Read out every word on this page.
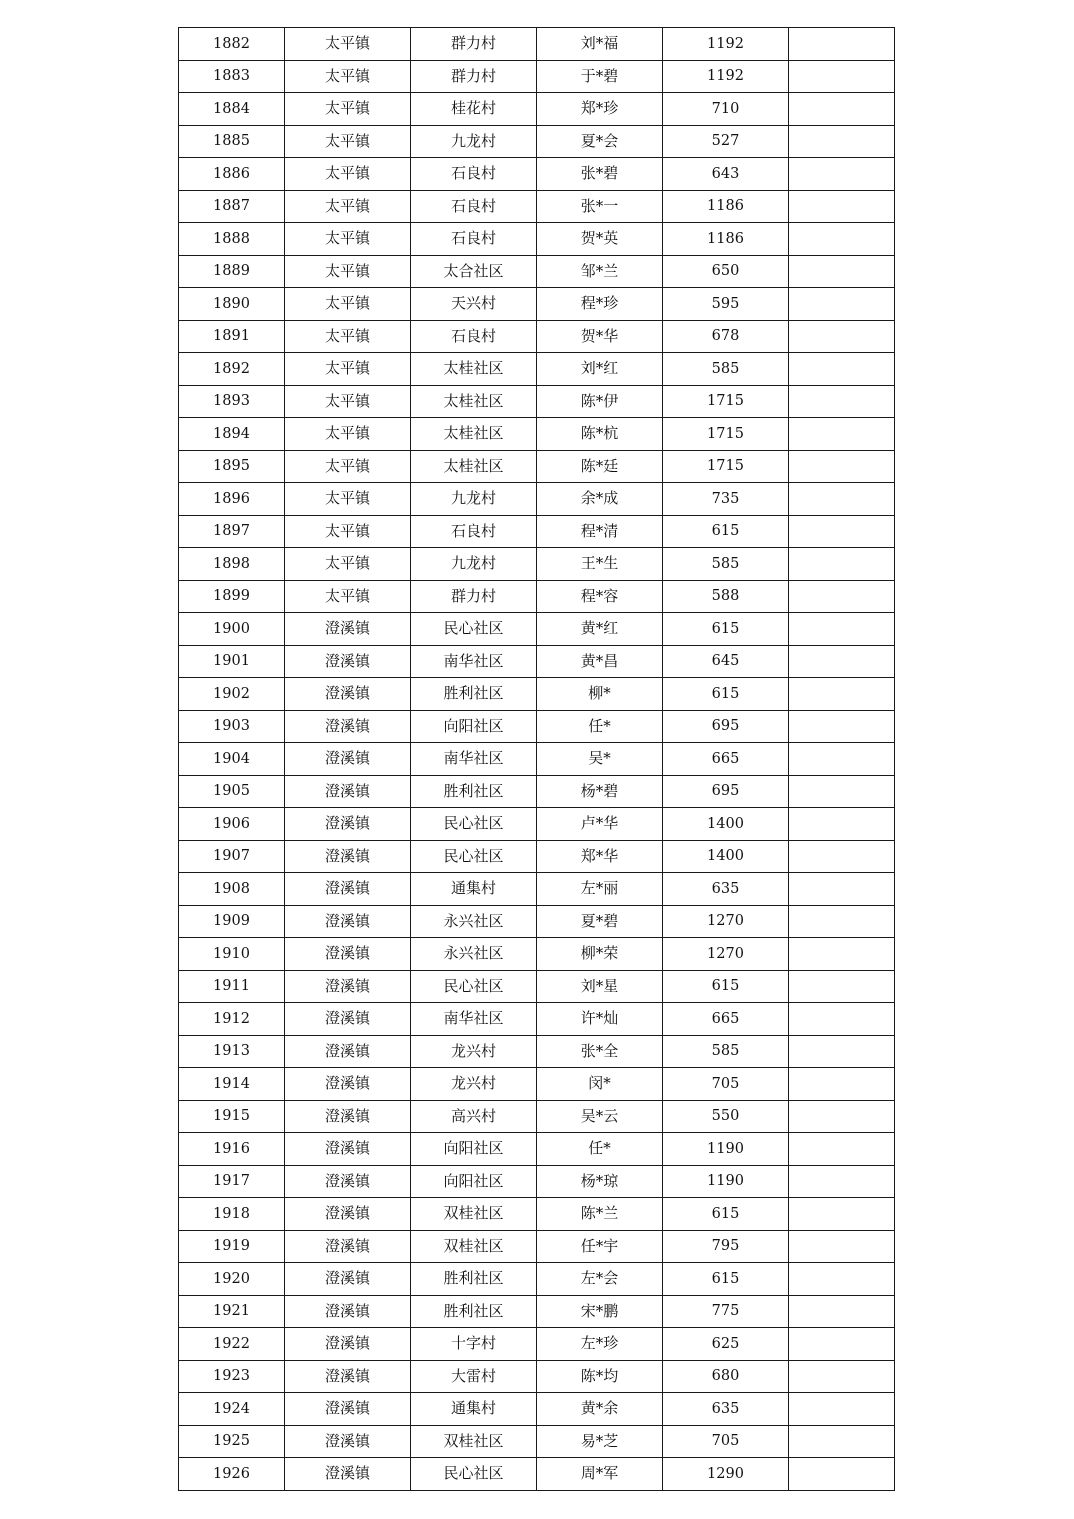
1882	太平镇	群力村	刘*福	1192	
1883	太平镇	群力村	于*碧	1192	
1884	太平镇	桂花村	郑*珍	710	
1885	太平镇	九龙村	夏*会	527	
1886	太平镇	石良村	张*碧	643	
1887	太平镇	石良村	张*一	1186	
1888	太平镇	石良村	贺*英	1186	
1889	太平镇	太合社区	邹*兰	650	
1890	太平镇	天兴村	程*珍	595	
1891	太平镇	石良村	贺*华	678	
1892	太平镇	太桂社区	刘*红	585	
1893	太平镇	太桂社区	陈*伊	1715	
1894	太平镇	太桂社区	陈*杭	1715	
1895	太平镇	太桂社区	陈*廷	1715	
1896	太平镇	九龙村	余*成	735	
1897	太平镇	石良村	程*清	615	
1898	太平镇	九龙村	王*生	585	
1899	太平镇	群力村	程*容	588	
1900	澄溪镇	民心社区	黄*红	615	
1901	澄溪镇	南华社区	黄*昌	645	
1902	澄溪镇	胜利社区	柳*	615	
1903	澄溪镇	向阳社区	任*	695	
1904	澄溪镇	南华社区	吴*	665	
1905	澄溪镇	胜利社区	杨*碧	695	
1906	澄溪镇	民心社区	卢*华	1400	
1907	澄溪镇	民心社区	郑*华	1400	
1908	澄溪镇	通集村	左*丽	635	
1909	澄溪镇	永兴社区	夏*碧	1270	
1910	澄溪镇	永兴社区	柳*荣	1270	
1911	澄溪镇	民心社区	刘*星	615	
1912	澄溪镇	南华社区	许*灿	665	
1913	澄溪镇	龙兴村	张*全	585	
1914	澄溪镇	龙兴村	闵*	705	
1915	澄溪镇	高兴村	吴*云	550	
1916	澄溪镇	向阳社区	任*	1190	
1917	澄溪镇	向阳社区	杨*琼	1190	
1918	澄溪镇	双桂社区	陈*兰	615	
1919	澄溪镇	双桂社区	任*宇	795	
1920	澄溪镇	胜利社区	左*会	615	
1921	澄溪镇	胜利社区	宋*鹏	775	
1922	澄溪镇	十字村	左*珍	625	
1923	澄溪镇	大雷村	陈*均	680	
1924	澄溪镇	通集村	黄*余	635	
1925	澄溪镇	双桂社区	易*芝	705	
1926	澄溪镇	民心社区	周*军	1290	
